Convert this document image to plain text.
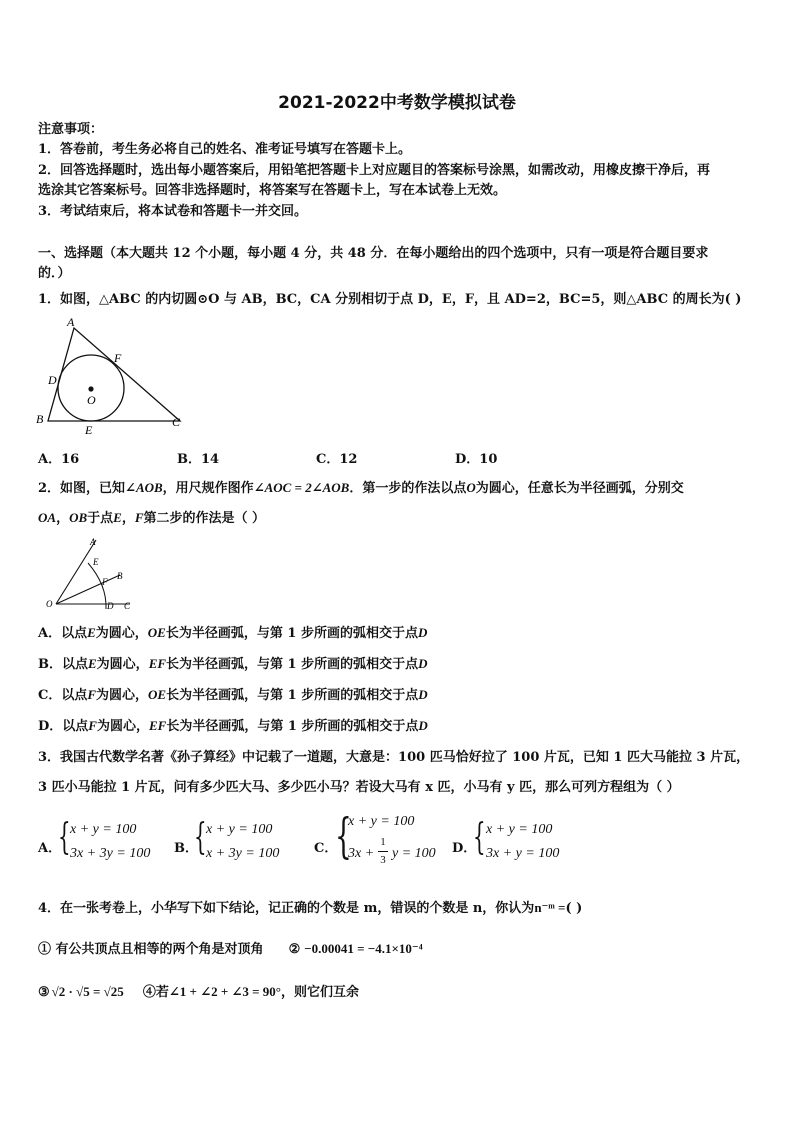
2021-2022中考数学模拟试卷
注意事项：
1．答卷前，考生务必将自己的姓名、准考证号填写在答题卡上。
2．回答选择题时，选出每小题答案后，用铅笔把答题卡上对应题目的答案标号涂黑，如需改动，用橡皮擦干净后，再
选涂其它答案标号。回答非选择题时，将答案写在答题卡上，写在本试卷上无效。
3．考试结束后，将本试卷和答题卡一并交回。
一、选择题（本大题共 12 个小题，每小题 4 分，共 48 分．在每小题给出的四个选项中，只有一项是符合题目要求
的．）
1．如图，△ABC 的内切圆⊙O 与 AB，BC，CA 分别相切于点 D，E，F，且 AD=2，BC=5，则△ABC 的周长为( )
A
F
D
O
B	C
E
A．16	B．14	C．12	D．10
2．如图，已知∠AOB，用尺规作图作∠AOC = 2∠AOB．第一步的作法以点O为圆心，任意长为半径画弧，分别交
OA，OB于点E，F第二步的作法是（ ）
A
E
B
F
O	D C
A．以点E为圆心，OE长为半径画弧，与第 1 步所画的弧相交于点D
B．以点E为圆心，EF长为半径画弧，与第 1 步所画的弧相交于点D
C．以点F为圆心，OE长为半径画弧，与第 1 步所画的弧相交于点D
D．以点F为圆心，EF长为半径画弧，与第 1 步所画的弧相交于点D
3．我国古代数学名著《孙子算经》中记载了一道题，大意是：100 匹马恰好拉了 100 片瓦，已知 1 匹大马能拉 3 片瓦，
3 匹小马能拉 1 片瓦，问有多少匹大马、多少匹小马？若设大马有 x 匹，小马有 y 匹，那么可列方程组为（ ）
A．
{ x + y = 100
3x + 3y = 100 B．
{ x + y = 100
x + 3y = 100	C．
{
x + y = 100
3x +
1
3 y = 100 D．
{ x + y = 100
3x + y = 100
4．在一张考卷上，小华写下如下结论，记正确的个数是 m，错误的个数是 n，你认为n⁻ᵐ =( )
① 有公共顶点且相等的两个角是对顶角 ② −0.00041 = −4.1×10⁻⁴
③ √2 · √5 = √25 ④若∠1 + ∠2 + ∠3 = 90°，则它们互余
